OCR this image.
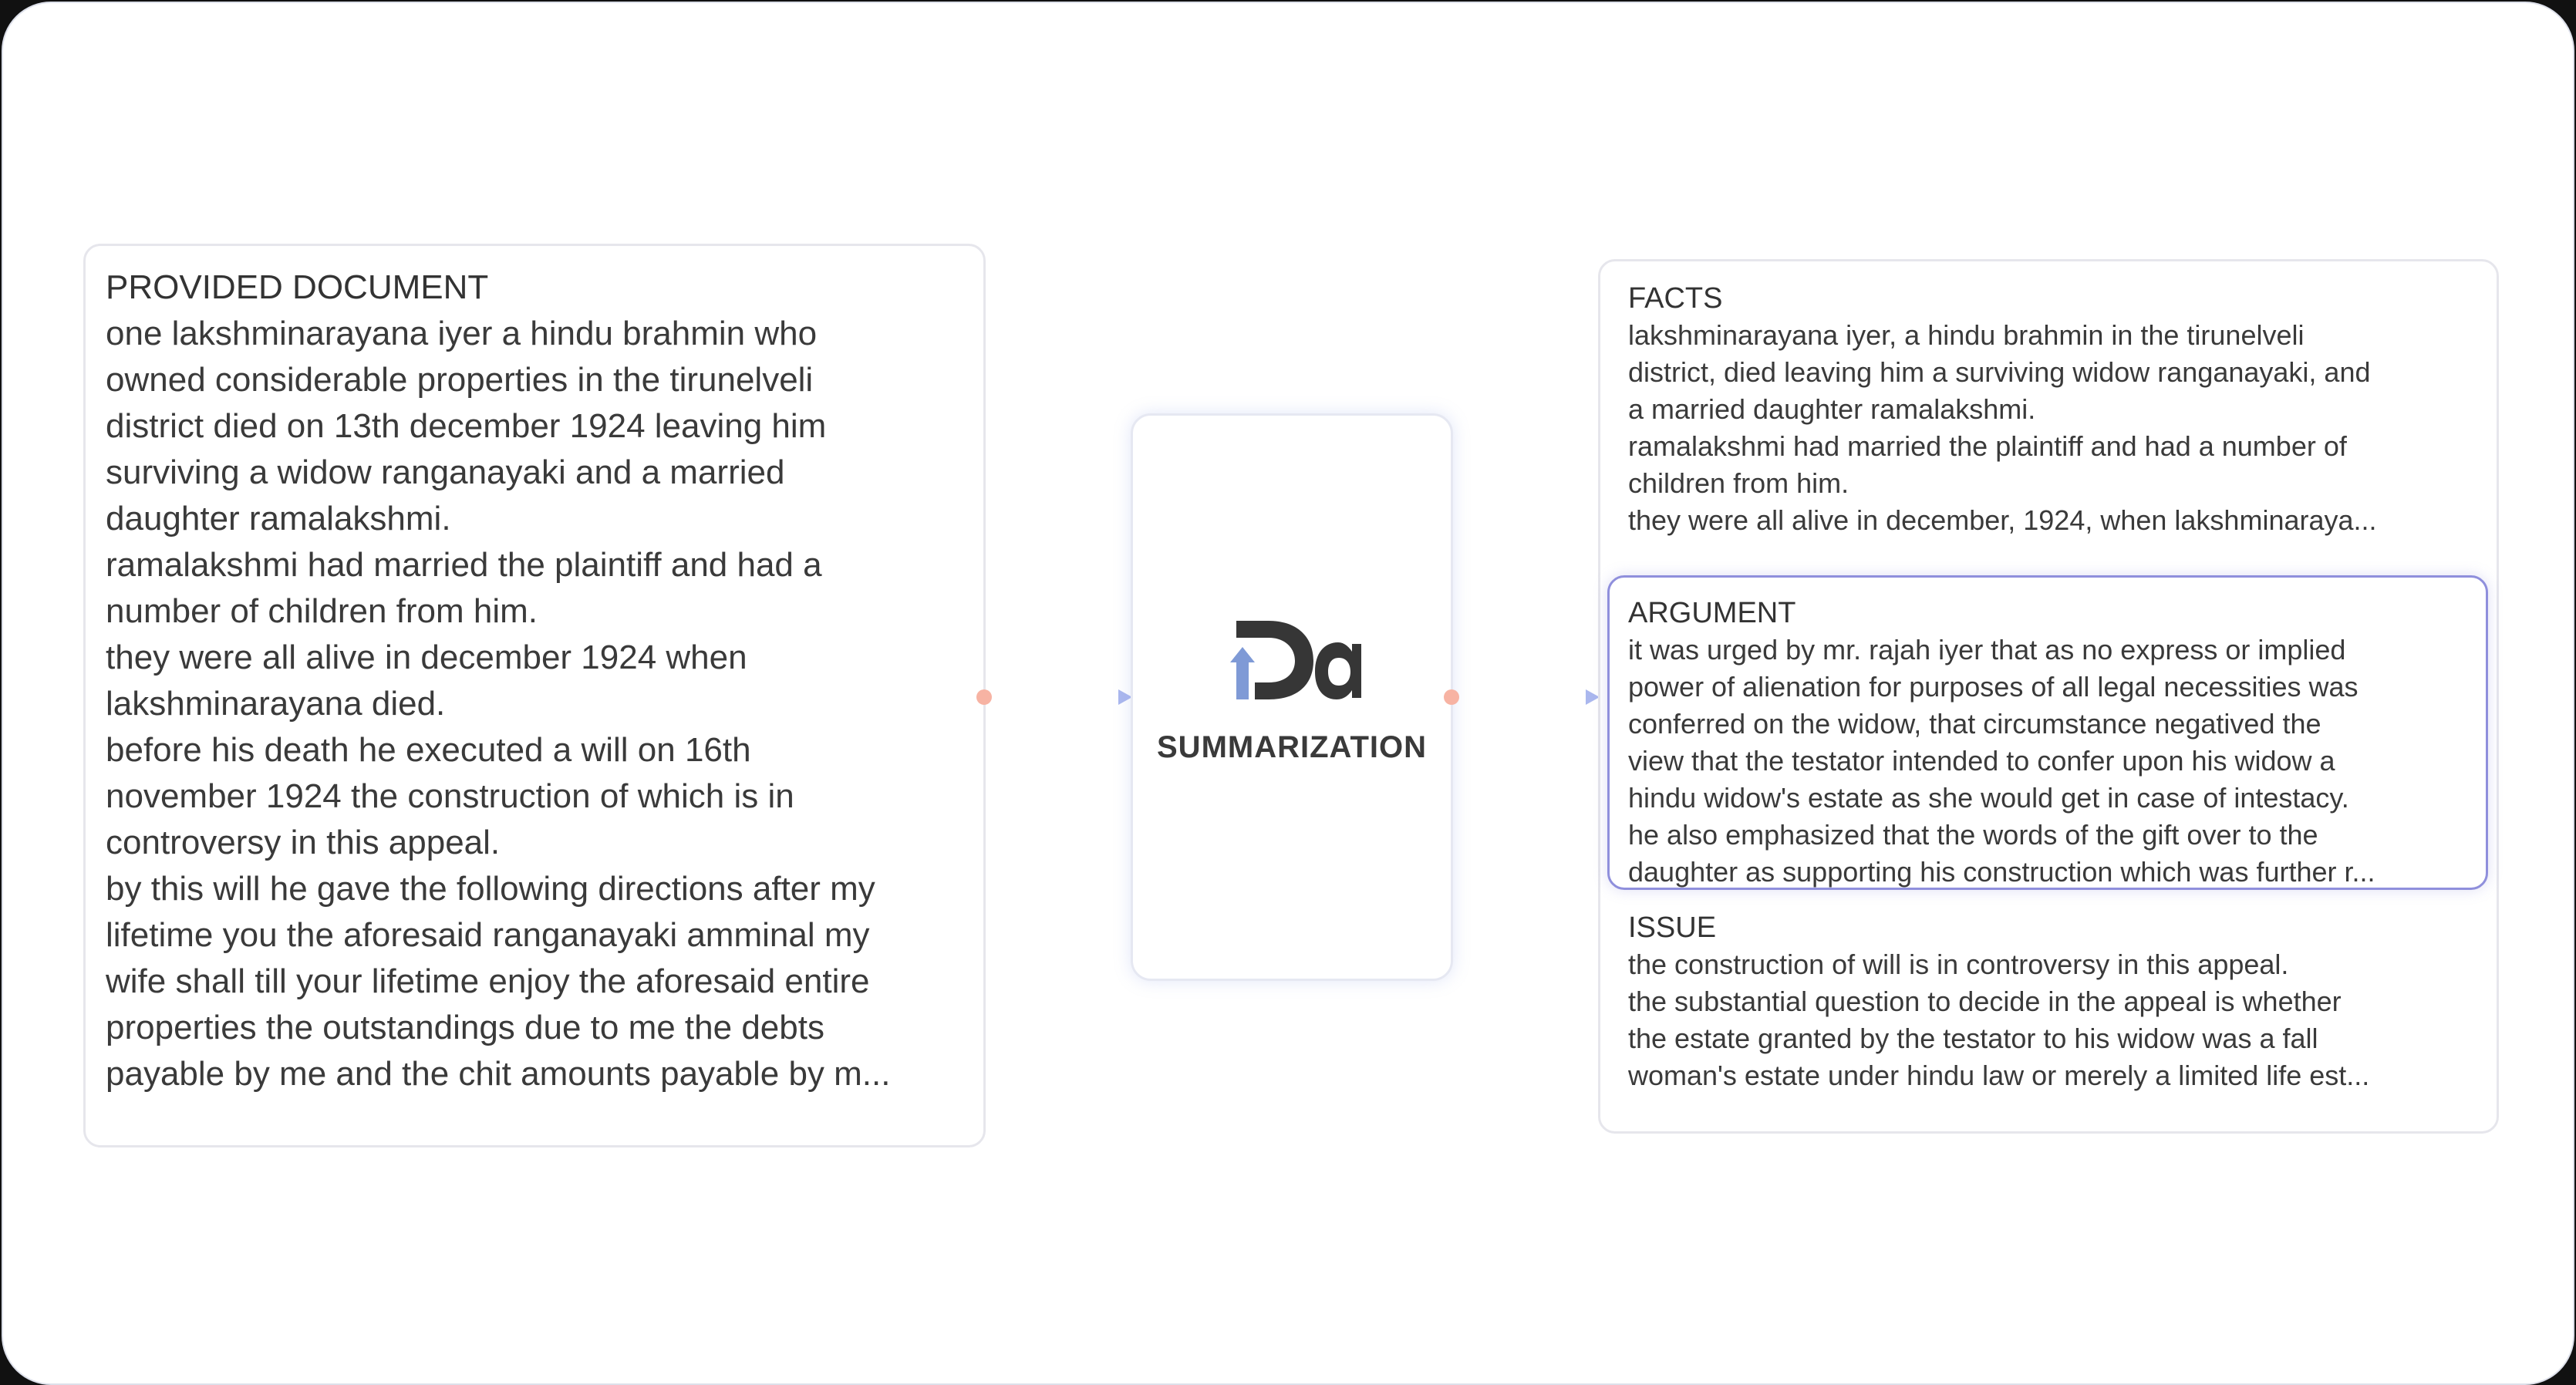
PROVIDED DOCUMENT
one lakshminarayana iyer a hindu brahmin who
owned considerable properties in the tirunelveli
district died on 13th december 1924 leaving him
surviving a widow ranganayaki and a married
daughter ramalakshmi.
ramalakshmi had married the plaintiff and had a
number of children from him.
they were all alive in december 1924 when
lakshminarayana died.
before his death he executed a will on 16th
november 1924 the construction of which is in
controversy in this appeal.
by this will he gave the following directions after my
lifetime you the aforesaid ranganayaki amminal my
wife shall till your lifetime enjoy the aforesaid entire
properties the outstandings due to me the debts
payable by me and the chit amounts payable by m...
SUMMARIZATION
FACTS
lakshminarayana iyer, a hindu brahmin in the tirunelveli
district, died leaving him a surviving widow ranganayaki, and
a married daughter ramalakshmi.
ramalakshmi had married the plaintiff and had a number of
children from him.
they were all alive in december, 1924, when lakshminaraya...
ARGUMENT
it was urged by mr. rajah iyer that as no express or implied
power of alienation for purposes of all legal necessities was
conferred on the widow, that circumstance negatived the
view that the testator intended to confer upon his widow a
hindu widow's estate as she would get in case of intestacy.
he also emphasized that the words of the gift over to the
daughter as supporting his construction which was further r...
ISSUE
the construction of will is in controversy in this appeal.
the substantial question to decide in the appeal is whether
the estate granted by the testator to his widow was a fall
woman's estate under hindu law or merely a limited life est...
